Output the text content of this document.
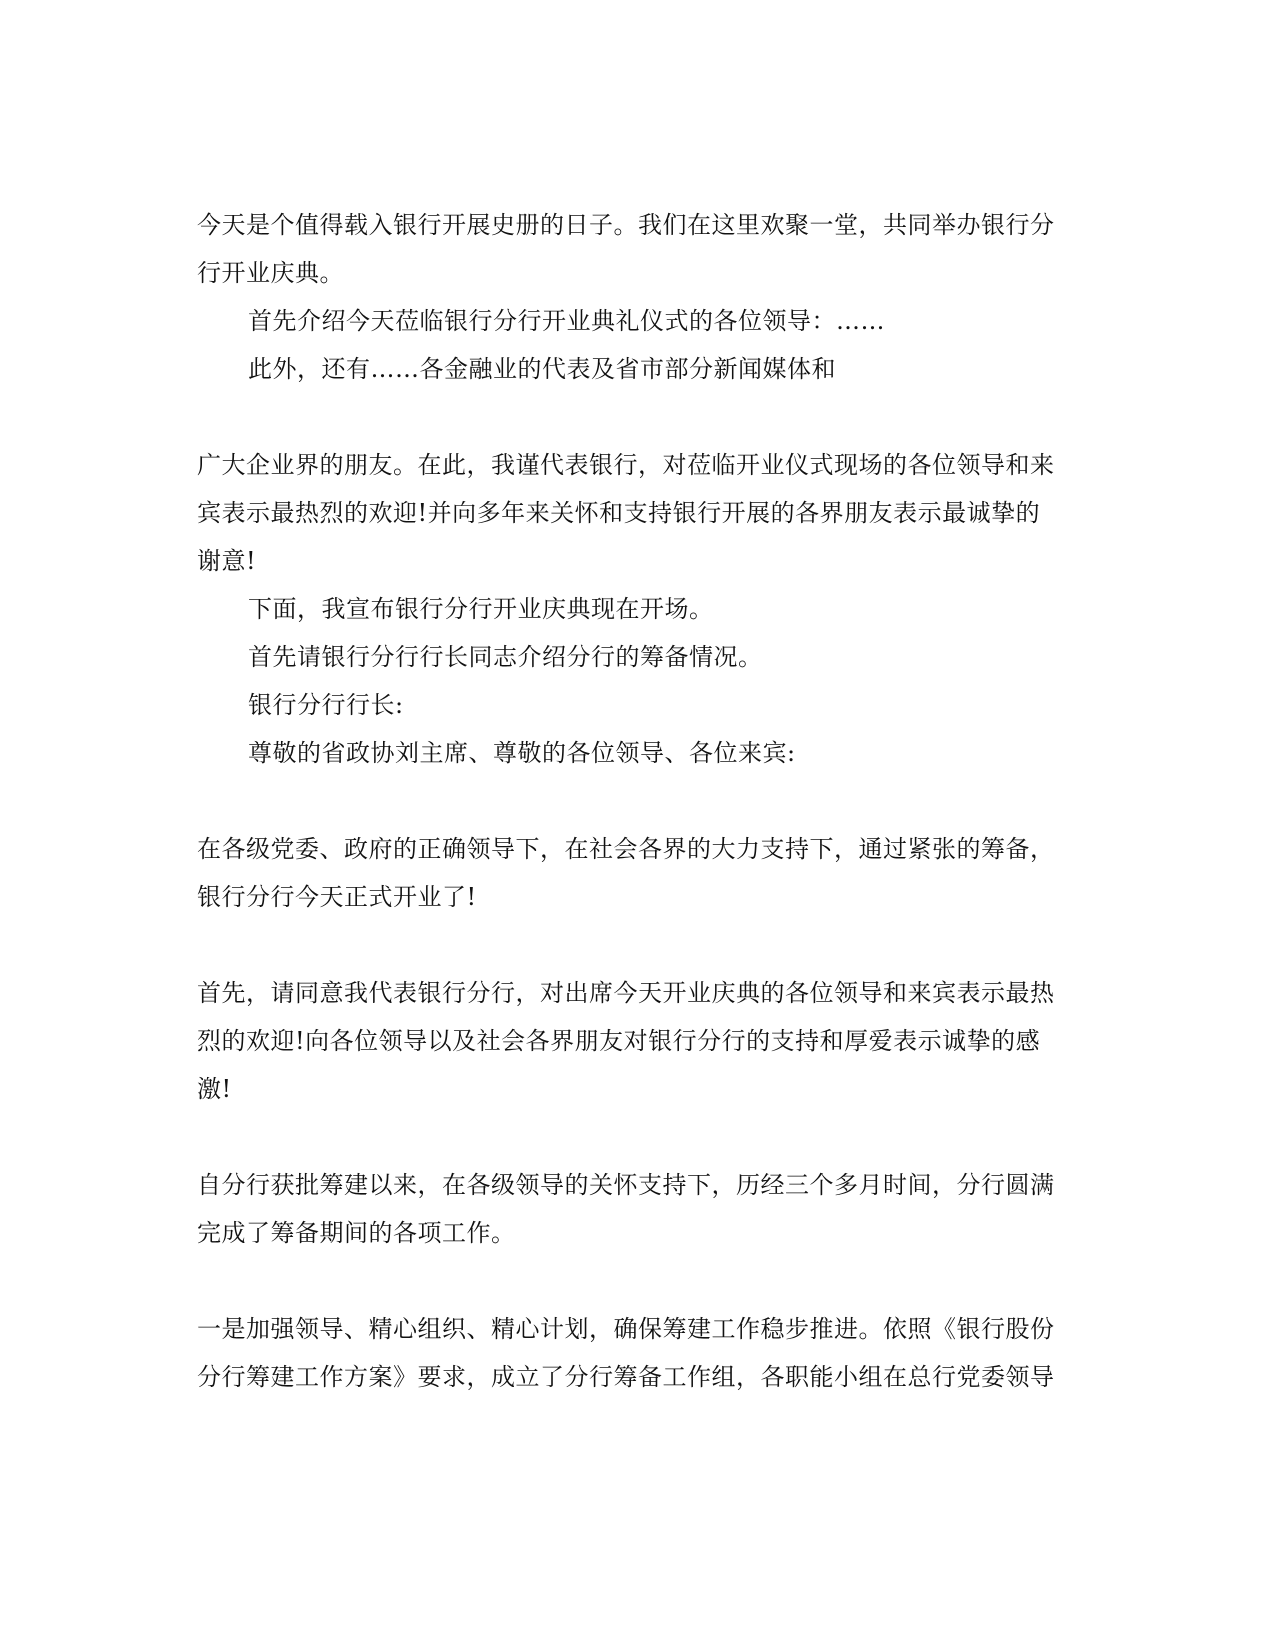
今天是个值得载入银行开展史册的日子。我们在这里欢聚一堂，共同举办银行分
行开业庆典。
首先介绍今天莅临银行分行开业典礼仪式的各位领导：……
此外，还有……各金融业的代表及省市部分新闻媒体和
广大企业界的朋友。在此，我谨代表银行，对莅临开业仪式现场的各位领导和来
宾表示最热烈的欢迎!并向多年来关怀和支持银行开展的各界朋友表示最诚挚的
谢意!
下面，我宣布银行分行开业庆典现在开场。
首先请银行分行行长同志介绍分行的筹备情况。
银行分行行长:
尊敬的省政协刘主席、尊敬的各位领导、各位来宾:
在各级党委、政府的正确领导下，在社会各界的大力支持下，通过紧张的筹备，
银行分行今天正式开业了!
首先，请同意我代表银行分行，对出席今天开业庆典的各位领导和来宾表示最热
烈的欢迎!向各位领导以及社会各界朋友对银行分行的支持和厚爱表示诚挚的感
激!
自分行获批筹建以来，在各级领导的关怀支持下，历经三个多月时间，分行圆满
完成了筹备期间的各项工作。
一是加强领导、精心组织、精心计划，确保筹建工作稳步推进。依照《银行股份
分行筹建工作方案》要求，成立了分行筹备工作组，各职能小组在总行党委领导
